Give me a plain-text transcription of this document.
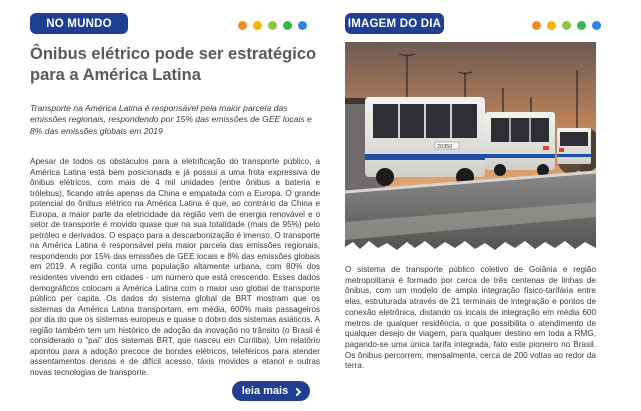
NO MUNDO
Ônibus elétrico pode ser estratégico para a América Latina

Transporte na América Latina é responsável pela maior parcela das emissões regionais, respondendo por 15% das emissões de GEE locais e 8% das emissões globais em 2019

Apesar de todos os obstáculos para a eletrificação do transporte público, a América Latina está bem posicionada e já possui a uma frota expressiva de ônibus elétricos, com mais de 4 mil unidades (entre ônibus a bateria e trólebus), ficando atrás apenas da China e empatada com a Europa. O grande potencial do ônibus elétrico na América Latina é que, ao contrário da China e Europa, a maior parte da eletricidade da região vem de energia renovável e o setor de transporte é movido quase que na sua totalidade (mais de 95%) pelo petróleo e derivados. O espaço para a descarbonização é imenso. O transporte na América Latina é responsável pela maior parcela das emissões regionais, respondendo por 15% das emissões de GEE locais e 8% das emissões globais em 2019. A região conta uma população altamente urbana, com 80% dos residentes vivendo em cidades - um número que está crescendo. Esses dados demográficos colocam a América Latina com o maior uso global de transporte público per capita. Os dados do sistema global de BRT mostram que os sistemas da América Latina transportam, em média, 600% mais passageiros por dia do que os sistemas europeus e quase o dobro dos sistemas asiáticos. A região também tem um histórico de adoção da inovação no trânsito (o Brasil é considerado o “pai” dos sistemas BRT, que nasceu em Curitiba). Um relatório apontou para a adoção precoce de bondes elétricos, teleféricos para atender assentamentos densos e de difícil acesso, táxis movidos a etanol e outras novas tecnologias de transporte.

leia mais
IMAGEM DO DIA
20350

O sistema de transporte público coletivo de Goiânia e região metropolitana é formado por cerca de três centenas de linhas de ônibus, com um modelo de ampla integração físico-tarifária entre elas, estruturada através de 21 terminais de integração e pontos de conexão eletrônica, distando os locais de integração em média 600 metros de qualquer residência, o que possibilita o atendimento de qualquer desejo de viagem, para qualquer destino em toda a RMG, pagando-se uma única tarifa integrada, fato este pioneiro no Brasil. Os ônibus percorrem, mensalmente, cerca de 200 voltas ao redor da terra.
